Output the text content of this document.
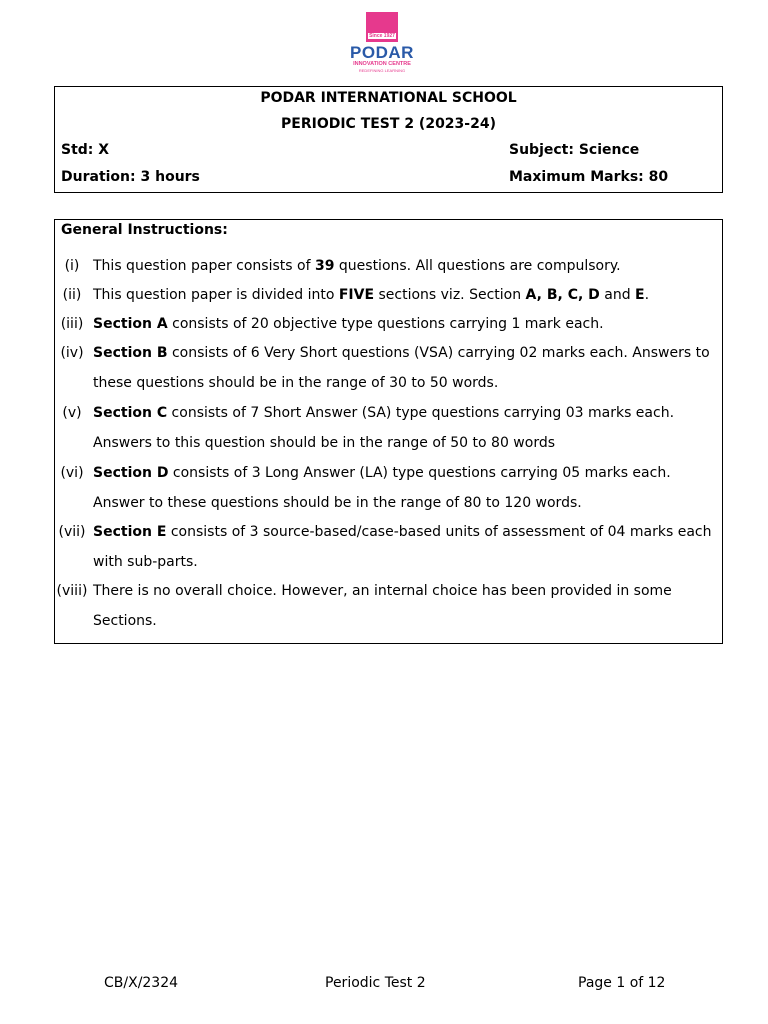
Since 1927
PODAR
INNOVATION CENTRE
REDEFINING LEARNING
PODAR INTERNATIONAL SCHOOL
PERIODIC TEST 2 (2023-24)
Std: X	Subject: Science
Duration: 3 hours	Maximum Marks: 80
General Instructions:
(i) This question paper consists of 39 questions. All questions are compulsory.
(ii) This question paper is divided into FIVE sections viz. Section A, B, C, D and E.
(iii) Section A consists of 20 objective type questions carrying 1 mark each.
(iv) Section B consists of 6 Very Short questions (VSA) carrying 02 marks each. Answers to these questions should be in the range of 30 to 50 words.
(v) Section C consists of 7 Short Answer (SA) type questions carrying 03 marks each. Answers to this question should be in the range of 50 to 80 words
(vi) Section D consists of 3 Long Answer (LA) type questions carrying 05 marks each. Answer to these questions should be in the range of 80 to 120 words.
(vii) Section E consists of 3 source-based/case-based units of assessment of 04 marks each with sub-parts.
(viii) There is no overall choice. However, an internal choice has been provided in some Sections.
CB/X/2324	Periodic Test 2	Page 1 of 12
